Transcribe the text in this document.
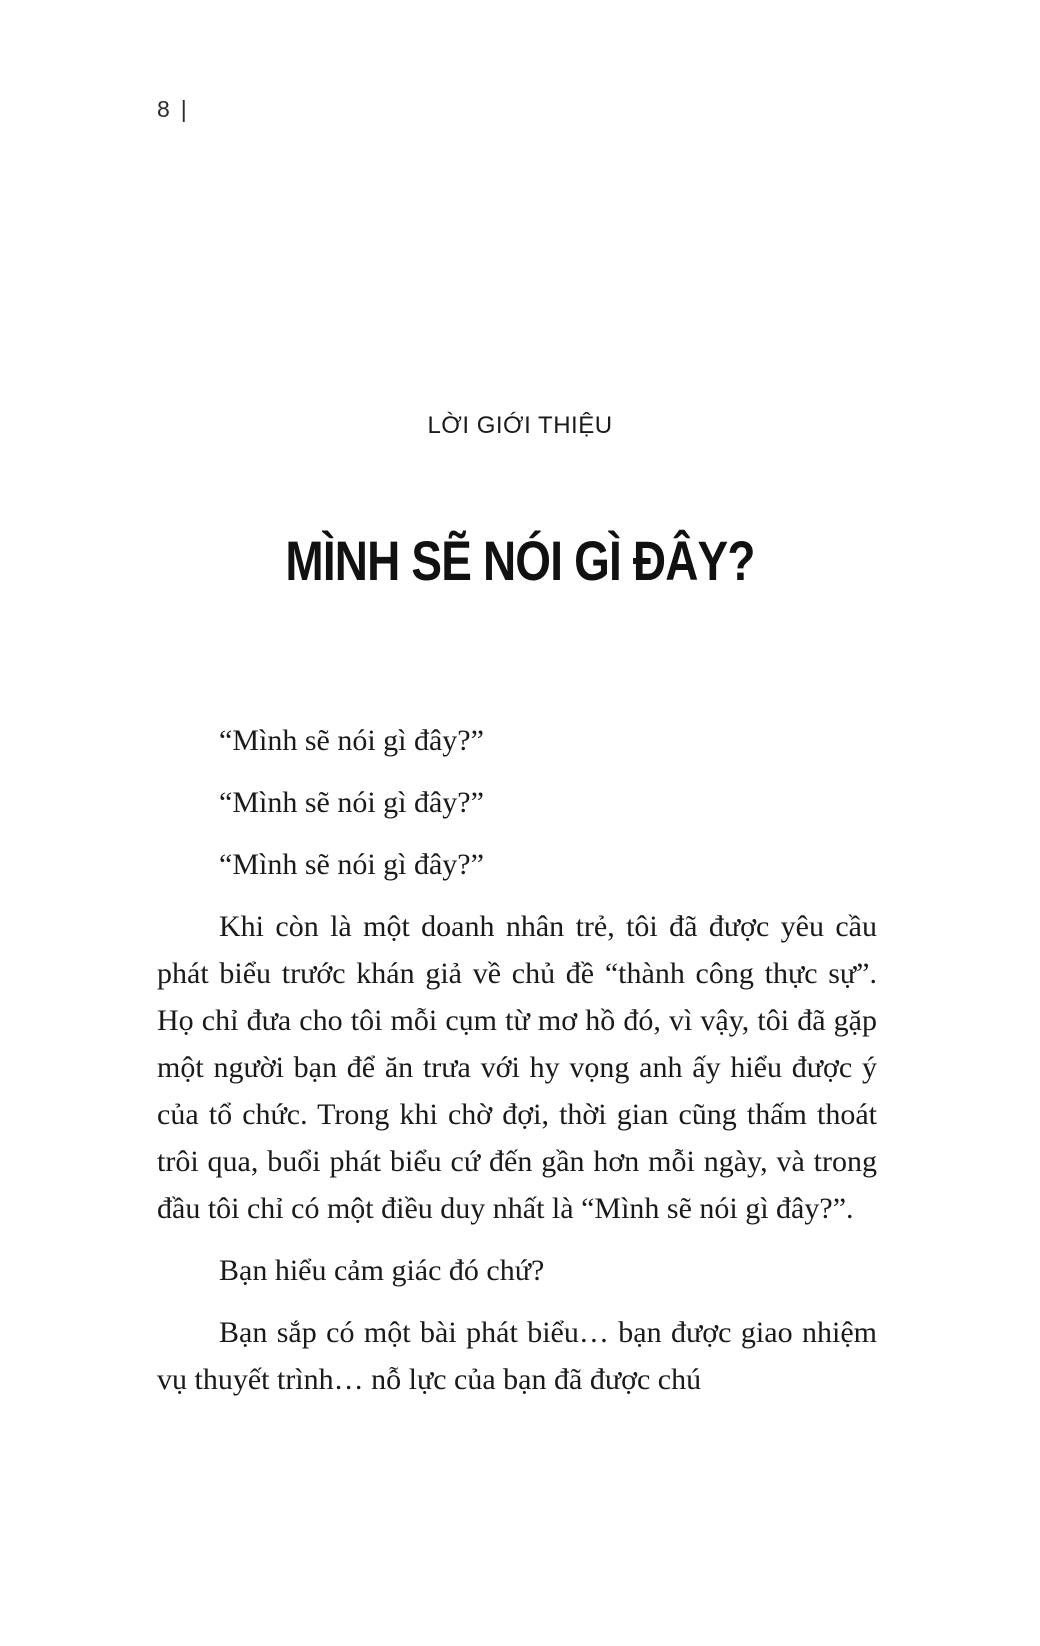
8 |
LỜI GIỚI THIỆU
MÌNH SẼ NÓI GÌ ĐÂY?

“Mình sẽ nói gì đây?”

“Mình sẽ nói gì đây?”

“Mình sẽ nói gì đây?”

Khi còn là một doanh nhân trẻ, tôi đã được yêu cầu phát biểu trước khán giả về chủ đề “thành công thực sự”. Họ chỉ đưa cho tôi mỗi cụm từ mơ hồ đó, vì vậy, tôi đã gặp một người bạn để ăn trưa với hy vọng anh ấy hiểu được ý của tổ chức. Trong khi chờ đợi, thời gian cũng thấm thoát trôi qua, buổi phát biểu cứ đến gần hơn mỗi ngày, và trong đầu tôi chỉ có một điều duy nhất là “Mình sẽ nói gì đây?”.

Bạn hiểu cảm giác đó chứ?

Bạn sắp có một bài phát biểu… bạn được giao nhiệm vụ thuyết trình… nỗ lực của bạn đã được chú
